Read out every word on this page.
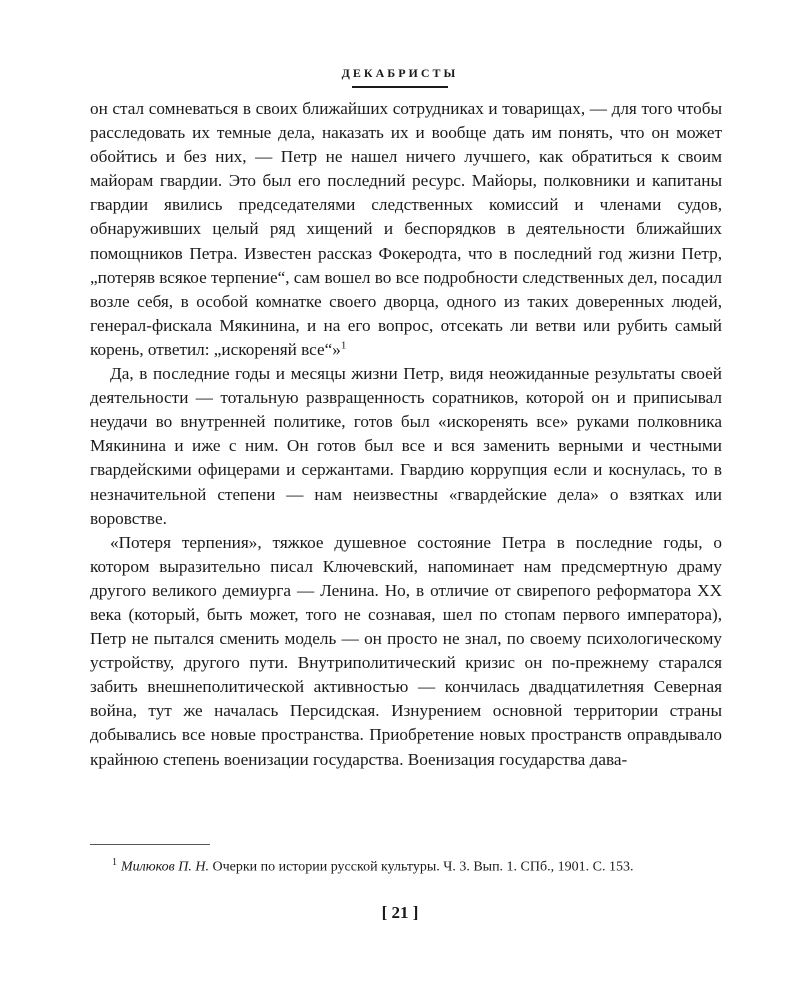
ДЕКАБРИСТЫ

он стал сомневаться в своих ближайших сотрудниках и товарищах, — для того чтобы расследовать их темные дела, наказать их и вообще дать им понять, что он может обойтись и без них, — Петр не нашел ничего лучшего, как обратиться к своим майорам гвардии. Это был его последний ресурс. Майоры, полковники и капитаны гвардии явились председателями следственных комиссий и членами судов, обнаруживших целый ряд хищений и беспорядков в деятельности ближайших помощников Петра. Известен рассказ Фокеродта, что в последний год жизни Петр, „потеряв всякое терпение“, сам вошел во все подробности следственных дел, посадил возле себя, в особой комнатке своего дворца, одного из таких доверенных людей, генерал-фискала Мякинина, и на его вопрос, отсекать ли ветви или рубить самый корень, ответил: „искореняй все“»$^1$

Да, в последние годы и месяцы жизни Петр, видя неожиданные результаты своей деятельности — тотальную развращенность соратников, которой он и приписывал неудачи во внутренней политике, готов был «искоренять все» руками полковника Мякинина и иже с ним. Он готов был все и вся заменить верными и честными гвардейскими офицерами и сержантами. Гвардию коррупция если и коснулась, то в незначительной степени — нам неизвестны «гвардейские дела» о взятках или воровстве.

«Потеря терпения», тяжкое душевное состояние Петра в последние годы, о котором выразительно писал Ключевский, напоминает нам предсмертную драму другого великого демиурга — Ленина. Но, в отличие от свирепого реформатора XX века (который, быть может, того не сознавая, шел по стопам первого императора), Петр не пытался сменить модель — он просто не знал, по своему психологическому устройству, другого пути. Внутриполитический кризис он по-прежнему старался забить внешнеполитической активностью — кончилась двадцатилетняя Северная война, тут же началась Персидская. Изнурением основной территории страны добывались все новые пространства. Приобретение новых пространств оправдывало крайнюю степень военизации государства. Военизация государства дава-

$^1$ Милюков П. Н. Очерки по истории русской культуры. Ч. 3. Вып. 1. СПб., 1901. С. 153.
[ 21 ]
